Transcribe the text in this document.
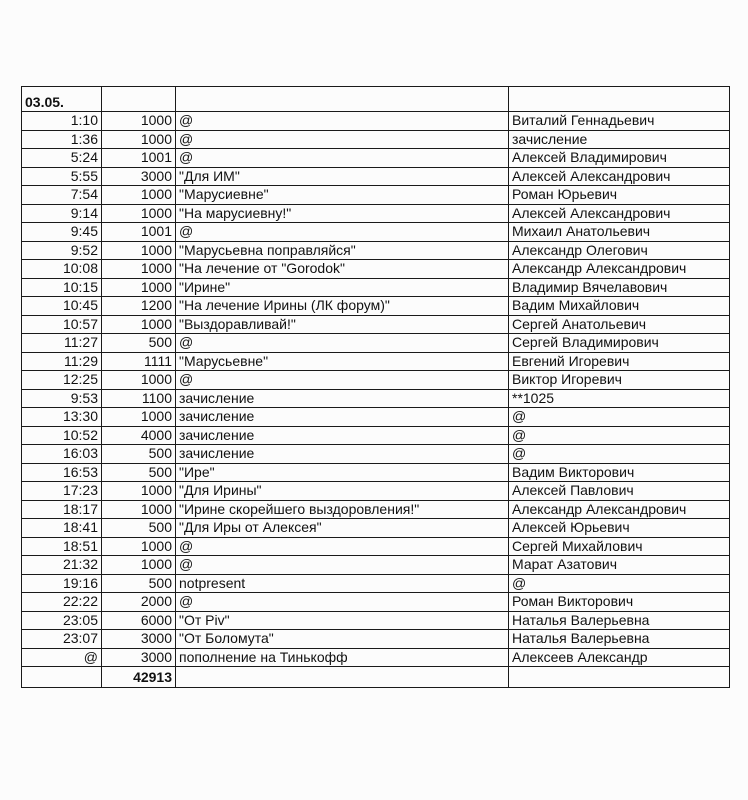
03.05.			
1:10	1000	@	Виталий Геннадьевич
1:36	1000	@	зачисление
5:24	1001	@	Алексей Владимирович
5:55	3000	"Для ИМ"	Алексей Александрович
7:54	1000	"Марусиевне"	Роман Юрьевич
9:14	1000	"На марусиевну!"	Алексей Александрович
9:45	1001	@	Михаил Анатольевич
9:52	1000	"Марусьевна поправляйся"	Александр Олегович
10:08	1000	"На лечение от "Gorodok"	Александр Александрович
10:15	1000	"Ирине"	Владимир Вячелавович
10:45	1200	"На лечение Ирины (ЛК форум)"	Вадим Михайлович
10:57	1000	"Выздоравливай!"	Сергей Анатольевич
11:27	500	@	Сергей Владимирович
11:29	1111	"Марусьевне"	Евгений Игоревич
12:25	1000	@	Виктор Игоревич
9:53	1100	зачисление	**1025
13:30	1000	зачисление	@
10:52	4000	зачисление	@
16:03	500	зачисление	@
16:53	500	"Ире"	Вадим Викторович
17:23	1000	"Для Ирины"	Алексей Павлович
18:17	1000	"Ирине скорейшего выздоровления!"	Александр Александрович
18:41	500	"Для Иры от Алексея"	Алексей Юрьевич
18:51	1000	@	Сергей Михайлович
21:32	1000	@	Марат Азатович
19:16	500	notpresent	@
22:22	2000	@	Роман Викторович
23:05	6000	"От Piv"	Наталья Валерьевна
23:07	3000	"От Боломута"	Наталья Валерьевна
@	3000	пополнение на Тинькофф	Алексеев Александр
	42913		
